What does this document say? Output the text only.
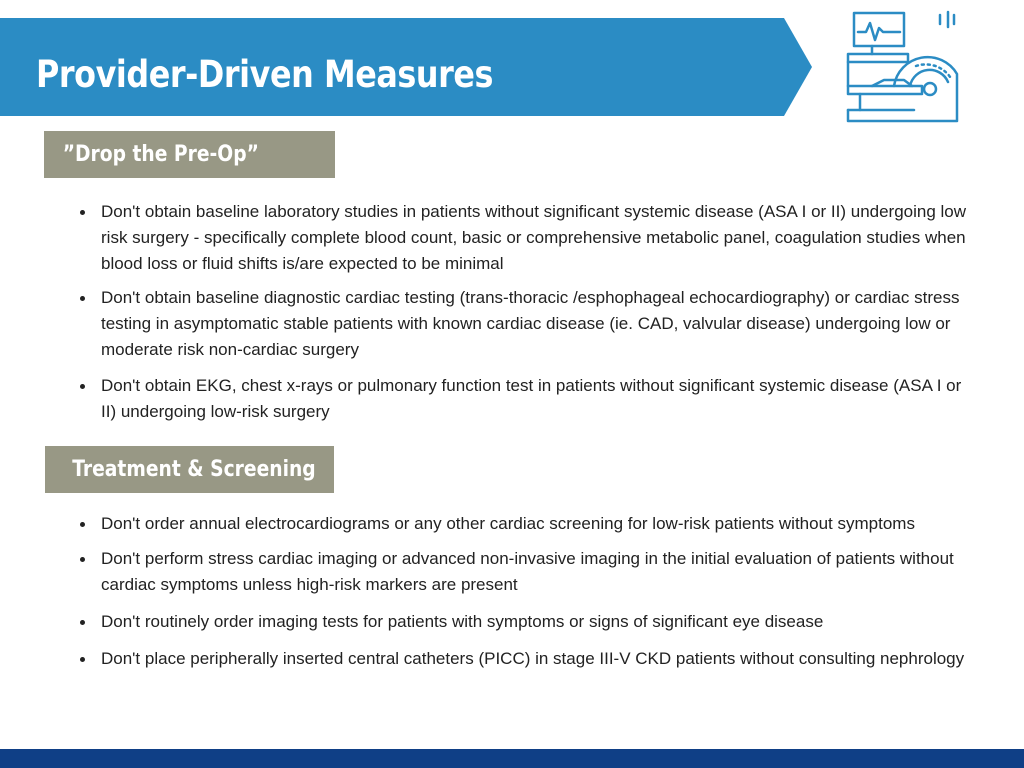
Provider-Driven Measures
”Drop the Pre-Op”
Don't obtain baseline laboratory studies in patients without significant systemic disease (ASA I or II) undergoing low risk surgery - specifically complete blood count, basic or comprehensive metabolic panel, coagulation studies when blood loss or fluid shifts is/are expected to be minimal
Don't obtain baseline diagnostic cardiac testing (trans-thoracic /esphophageal echocardiography) or cardiac stress testing in asymptomatic stable patients with known cardiac disease (ie. CAD, valvular disease) undergoing low or moderate risk non-cardiac surgery
Don't obtain EKG, chest x-rays or pulmonary function test in patients without significant systemic disease (ASA I or II) undergoing low-risk surgery
Treatment & Screening
Don't order annual electrocardiograms or any other cardiac screening for low-risk patients without symptoms
Don't perform stress cardiac imaging or advanced non-invasive imaging in the initial evaluation of patients without cardiac symptoms unless high-risk markers are present
Don't routinely order imaging tests for patients with symptoms or signs of significant eye disease
Don't place peripherally inserted central catheters (PICC) in stage III-V CKD patients without consulting nephrology
